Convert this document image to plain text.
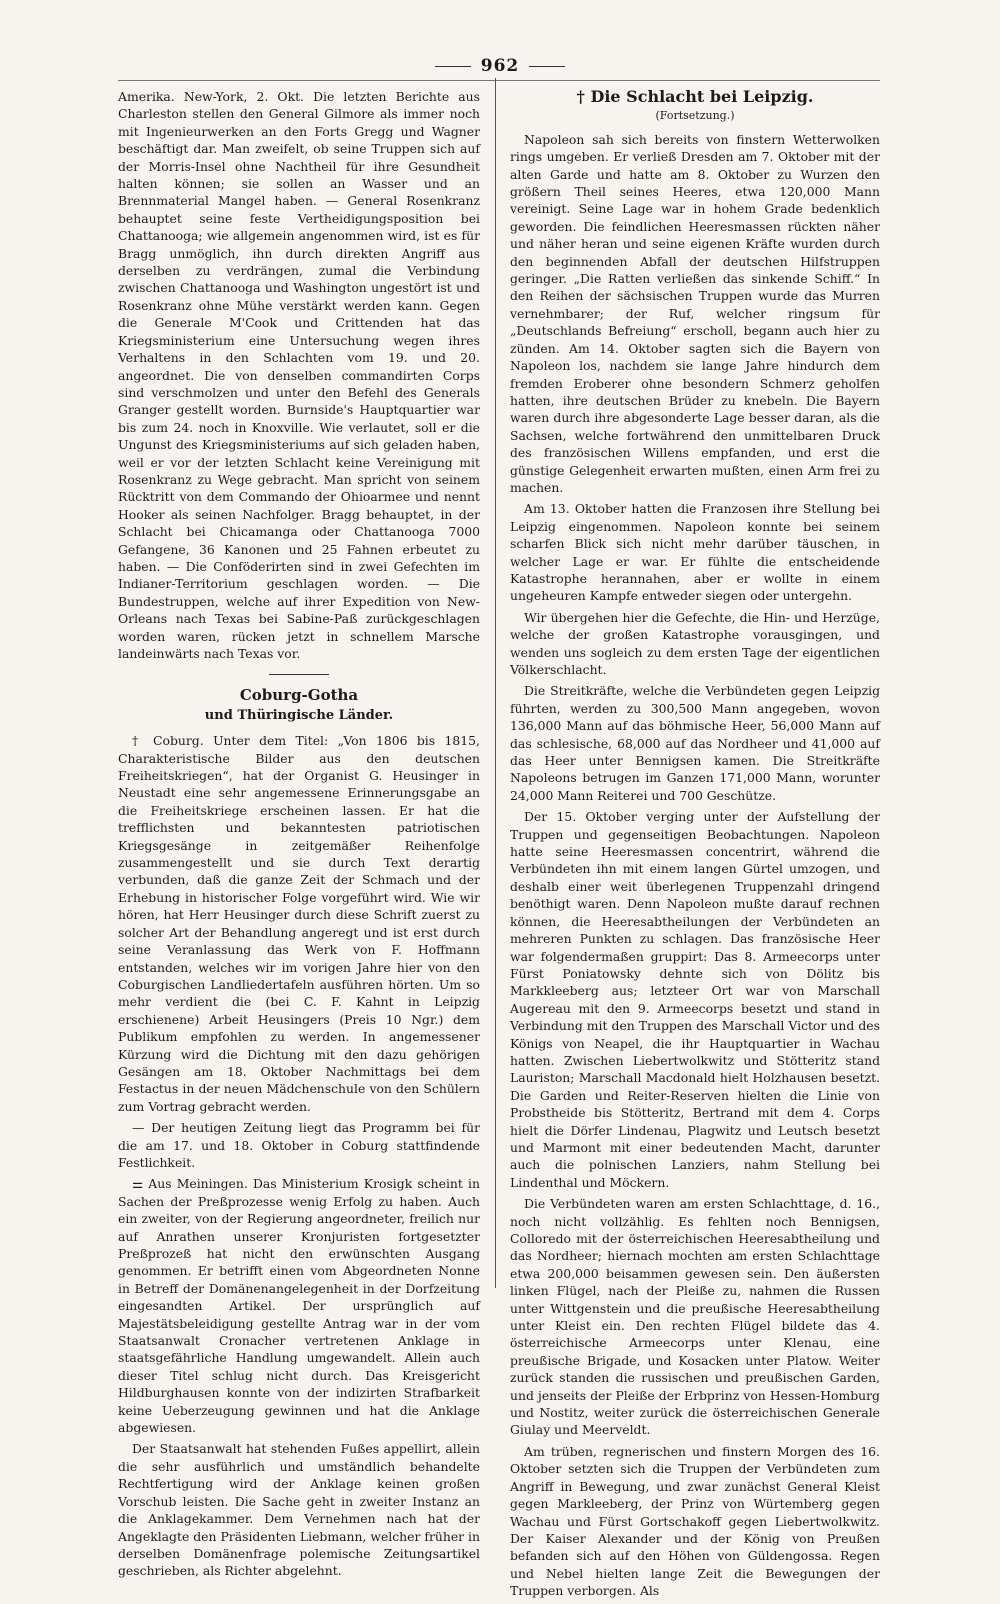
962

Amerika. New-York, 2. Okt. Die letzten Berichte aus Charleston stellen den General Gilmore als immer noch mit Ingenieurwerken an den Forts Gregg und Wagner beschäftigt dar. Man zweifelt, ob seine Truppen sich auf der Morris-Insel ohne Nachtheil für ihre Gesundheit halten können; sie sollen an Wasser und an Brennmaterial Mangel haben. — General Rosenkranz behauptet seine feste Vertheidigungsposition bei Chattanooga; wie allgemein angenommen wird, ist es für Bragg unmöglich, ihn durch direkten Angriff aus derselben zu verdrängen, zumal die Verbindung zwischen Chattanooga und Washington ungestört ist und Rosenkranz ohne Mühe verstärkt werden kann. Gegen die Generale M'Cook und Crittenden hat das Kriegsministerium eine Untersuchung wegen ihres Verhaltens in den Schlachten vom 19. und 20. angeordnet. Die von denselben commandirten Corps sind verschmolzen und unter den Befehl des Generals Granger gestellt worden. Burnside's Hauptquartier war bis zum 24. noch in Knoxville. Wie verlautet, soll er die Ungunst des Kriegsministeriums auf sich geladen haben, weil er vor der letzten Schlacht keine Vereinigung mit Rosenkranz zu Wege gebracht. Man spricht von seinem Rücktritt von dem Commando der Ohioarmee und nennt Hooker als seinen Nachfolger. Bragg behauptet, in der Schlacht bei Chicamanga oder Chattanooga 7000 Gefangene, 36 Kanonen und 25 Fahnen erbeutet zu haben. — Die Conföderirten sind in zwei Gefechten im Indianer-Territorium geschlagen worden. — Die Bundestruppen, welche auf ihrer Expedition von New-Orleans nach Texas bei Sabine-Paß zurückgeschlagen worden waren, rücken jetzt in schnellem Marsche landeinwärts nach Texas vor.

Coburg-Gotha
und Thüringische Länder.

† Coburg. Unter dem Titel: „Von 1806 bis 1815, Charakteristische Bilder aus den deutschen Freiheitskriegen“, hat der Organist G. Heusinger in Neustadt eine sehr angemessene Erinnerungsgabe an die Freiheitskriege erscheinen lassen. Er hat die trefflichsten und bekanntesten patriotischen Kriegsgesänge in zeitgemäßer Reihenfolge zusammengestellt und sie durch Text derartig verbunden, daß die ganze Zeit der Schmach und der Erhebung in historischer Folge vorgeführt wird. Wie wir hören, hat Herr Heusinger durch diese Schrift zuerst zu solcher Art der Behandlung angeregt und ist erst durch seine Veranlassung das Werk von F. Hoffmann entstanden, welches wir im vorigen Jahre hier von den Coburgischen Landliedertafeln ausführen hörten. Um so mehr verdient die (bei C. F. Kahnt in Leipzig erschienene) Arbeit Heusingers (Preis 10 Ngr.) dem Publikum empfohlen zu werden. In angemessener Kürzung wird die Dichtung mit den dazu gehörigen Gesängen am 18. Oktober Nachmittags bei dem Festactus in der neuen Mädchenschule von den Schülern zum Vortrag gebracht werden.

— Der heutigen Zeitung liegt das Programm bei für die am 17. und 18. Oktober in Coburg stattfindende Festlichkeit.

⚌ Aus Meiningen. Das Ministerium Krosigk scheint in Sachen der Preßprozesse wenig Erfolg zu haben. Auch ein zweiter, von der Regierung angeordneter, freilich nur auf Anrathen unserer Kronjuristen fortgesetzter Preßprozeß hat nicht den erwünschten Ausgang genommen. Er betrifft einen vom Abgeordneten Nonne in Betreff der Domänenangelegenheit in der Dorfzeitung eingesandten Artikel. Der ursprünglich auf Majestätsbeleidigung gestellte Antrag war in der vom Staatsanwalt Cronacher vertretenen Anklage in staatsgefährliche Handlung umgewandelt. Allein auch dieser Titel schlug nicht durch. Das Kreisgericht Hildburghausen konnte von der indizirten Strafbarkeit keine Ueberzeugung gewinnen und hat die Anklage abgewiesen.

Der Staatsanwalt hat stehenden Fußes appellirt, allein die sehr ausführlich und umständlich behandelte Rechtfertigung wird der Anklage keinen großen Vorschub leisten. Die Sache geht in zweiter Instanz an die Anklagekammer. Dem Vernehmen nach hat der Angeklagte den Präsidenten Liebmann, welcher früher in derselben Domänenfrage polemische Zeitungsartikel geschrieben, als Richter abgelehnt.

† Die Schlacht bei Leipzig.
(Fortsetzung.)

Napoleon sah sich bereits von finstern Wetterwolken rings umgeben. Er verließ Dresden am 7. Oktober mit der alten Garde und hatte am 8. Oktober zu Wurzen den größern Theil seines Heeres, etwa 120,000 Mann vereinigt. Seine Lage war in hohem Grade bedenklich geworden. Die feindlichen Heeresmassen rückten näher und näher heran und seine eigenen Kräfte wurden durch den beginnenden Abfall der deutschen Hilfstruppen geringer. „Die Ratten verließen das sinkende Schiff.“ In den Reihen der sächsischen Truppen wurde das Murren vernehmbarer; der Ruf, welcher ringsum für „Deutschlands Befreiung“ erscholl, begann auch hier zu zünden. Am 14. Oktober sagten sich die Bayern von Napoleon los, nachdem sie lange Jahre hindurch dem fremden Eroberer ohne besondern Schmerz geholfen hatten, ihre deutschen Brüder zu knebeln. Die Bayern waren durch ihre abgesonderte Lage besser daran, als die Sachsen, welche fortwährend den unmittelbaren Druck des französischen Willens empfanden, und erst die günstige Gelegenheit erwarten mußten, einen Arm frei zu machen.

Am 13. Oktober hatten die Franzosen ihre Stellung bei Leipzig eingenommen. Napoleon konnte bei seinem scharfen Blick sich nicht mehr darüber täuschen, in welcher Lage er war. Er fühlte die entscheidende Katastrophe herannahen, aber er wollte in einem ungeheuren Kampfe entweder siegen oder untergehn.

Wir übergehen hier die Gefechte, die Hin- und Herzüge, welche der großen Katastrophe vorausgingen, und wenden uns sogleich zu dem ersten Tage der eigentlichen Völkerschlacht.

Die Streitkräfte, welche die Verbündeten gegen Leipzig führten, werden zu 300,500 Mann angegeben, wovon 136,000 Mann auf das böhmische Heer, 56,000 Mann auf das schlesische, 68,000 auf das Nordheer und 41,000 auf das Heer unter Bennigsen kamen. Die Streitkräfte Napoleons betrugen im Ganzen 171,000 Mann, worunter 24,000 Mann Reiterei und 700 Geschütze.

Der 15. Oktober verging unter der Aufstellung der Truppen und gegenseitigen Beobachtungen. Napoleon hatte seine Heeresmassen concentrirt, während die Verbündeten ihn mit einem langen Gürtel umzogen, und deshalb einer weit überlegenen Truppenzahl dringend benöthigt waren. Denn Napoleon mußte darauf rechnen können, die Heeresabtheilungen der Verbündeten an mehreren Punkten zu schlagen. Das französische Heer war folgendermaßen gruppirt: Das 8. Armeecorps unter Fürst Poniatowsky dehnte sich von Dölitz bis Markkleeberg aus; letzteer Ort war von Marschall Augereau mit den 9. Armeecorps besetzt und stand in Verbindung mit den Truppen des Marschall Victor und des Königs von Neapel, die ihr Hauptquartier in Wachau hatten. Zwischen Liebertwolkwitz und Stötteritz stand Lauriston; Marschall Macdonald hielt Holzhausen besetzt. Die Garden und Reiter-Reserven hielten die Linie von Probstheide bis Stötteritz, Bertrand mit dem 4. Corps hielt die Dörfer Lindenau, Plagwitz und Leutsch besetzt und Marmont mit einer bedeutenden Macht, darunter auch die polnischen Lanziers, nahm Stellung bei Lindenthal und Möckern.

Die Verbündeten waren am ersten Schlachttage, d. 16., noch nicht vollzählig. Es fehlten noch Bennigsen, Colloredo mit der österreichischen Heeresabtheilung und das Nordheer; hiernach mochten am ersten Schlachttage etwa 200,000 beisammen gewesen sein. Den äußersten linken Flügel, nach der Pleiße zu, nahmen die Russen unter Wittgenstein und die preußische Heeresabtheilung unter Kleist ein. Den rechten Flügel bildete das 4. österreichische Armeecorps unter Klenau, eine preußische Brigade, und Kosacken unter Platow. Weiter zurück standen die russischen und preußischen Garden, und jenseits der Pleiße der Erbprinz von Hessen-Homburg und Nostitz, weiter zurück die österreichischen Generale Giulay und Meerveldt.

Am trüben, regnerischen und finstern Morgen des 16. Oktober setzten sich die Truppen der Verbündeten zum Angriff in Bewegung, und zwar zunächst General Kleist gegen Markleeberg, der Prinz von Würtemberg gegen Wachau und Fürst Gortschakoff gegen Liebertwolkwitz. Der Kaiser Alexander und der König von Preußen befanden sich auf den Höhen von Güldengossa. Regen und Nebel hielten lange Zeit die Bewegungen der Truppen verborgen. Als
